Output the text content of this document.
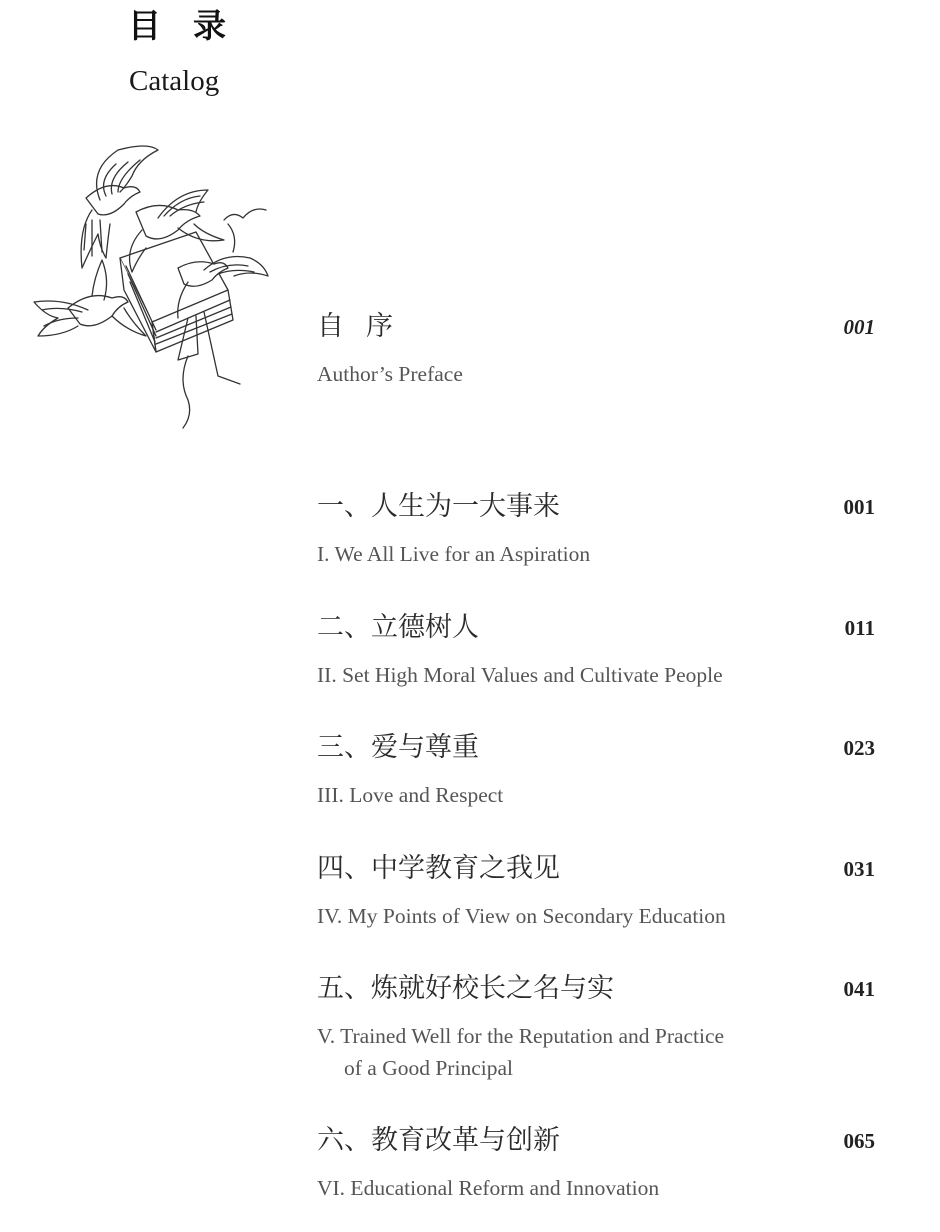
目录
Catalog
自序	001
Author’s Preface
一、人生为一大事来	001
I. We All Live for an Aspiration
二、立德树人	011
II. Set High Moral Values and Cultivate People
三、爱与尊重	023
III. Love and Respect
四、中学教育之我见	031
IV. My Points of View on Secondary Education
五、炼就好校长之名与实	041
V. Trained Well for the Reputation and Practice
of a Good Principal
六、教育改革与创新	065
VI. Educational Reform and Innovation
